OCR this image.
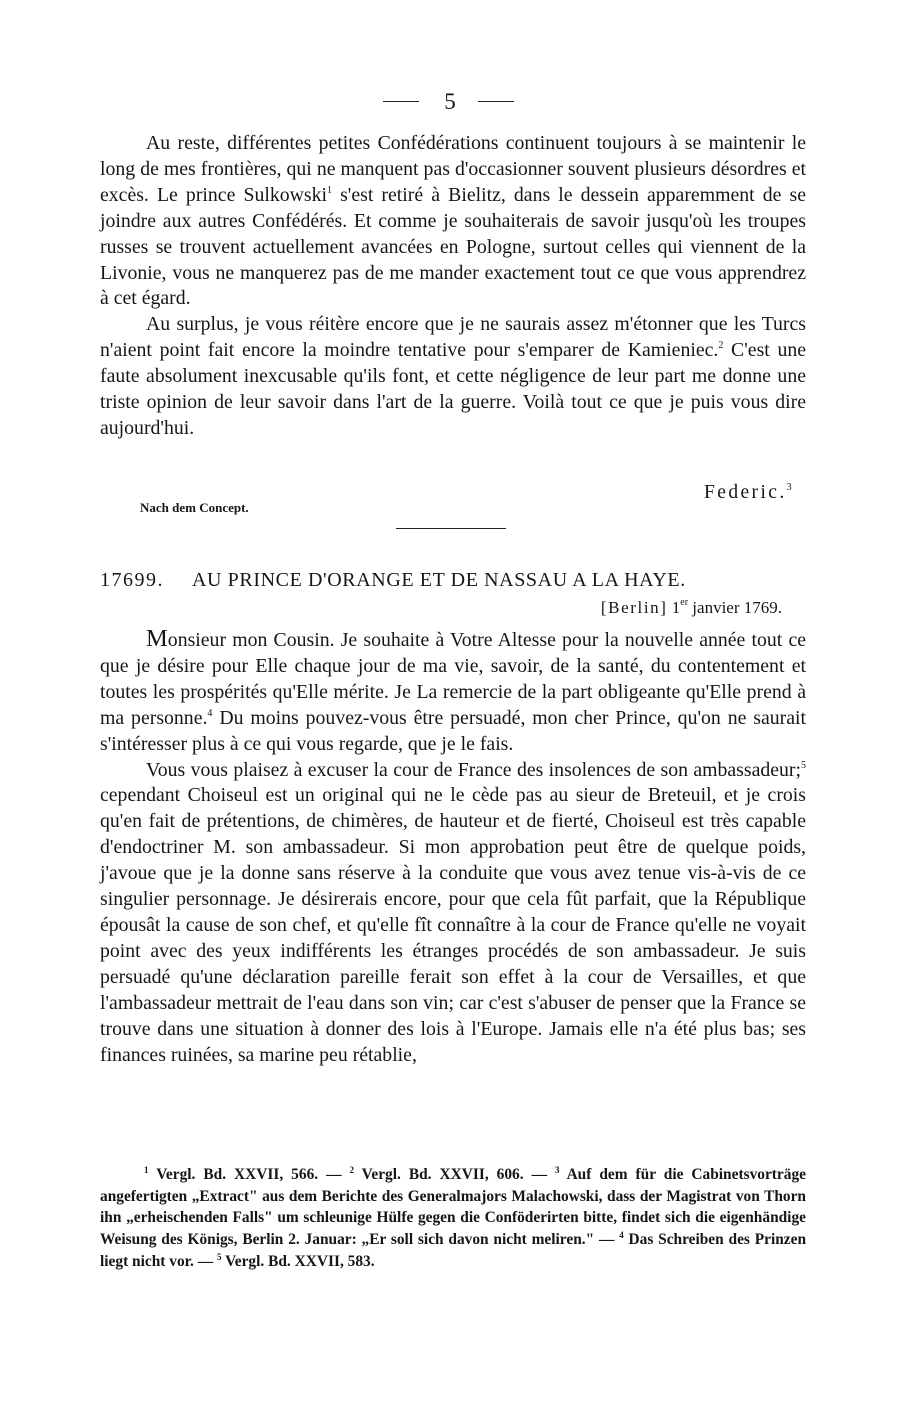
5

Au reste, différentes petites Confédérations continuent toujours à se maintenir le long de mes frontières, qui ne manquent pas d'occasionner souvent plusieurs désordres et excès. Le prince Sulkowski$^1$ s'est retiré à Bielitz, dans le dessein apparemment de se joindre aux autres Confédérés. Et comme je souhaiterais de savoir jusqu'où les troupes russes se trouvent actuellement avancées en Pologne, surtout celles qui viennent de la Livonie, vous ne manquerez pas de me mander exactement tout ce que vous apprendrez à cet égard.

Au surplus, je vous réitère encore que je ne saurais assez m'étonner que les Turcs n'aient point fait encore la moindre tentative pour s'emparer de Kamieniec.$^2$ C'est une faute absolument inexcusable qu'ils font, et cette négligence de leur part me donne une triste opinion de leur savoir dans l'art de la guerre. Voilà tout ce que je puis vous dire aujourd'hui.

Nach dem Concept.
Federic.$^3$
17699. AU PRINCE D'ORANGE ET DE NASSAU A LA HAYE.
[Berlin] 1er janvier 1769.

Monsieur mon Cousin. Je souhaite à Votre Altesse pour la nouvelle année tout ce que je désire pour Elle chaque jour de ma vie, savoir, de la santé, du contentement et toutes les prospérités qu'Elle mérite. Je La remercie de la part obligeante qu'Elle prend à ma personne.$^4$ Du moins pouvez-vous être persuadé, mon cher Prince, qu'on ne saurait s'intéresser plus à ce qui vous regarde, que je le fais.

Vous vous plaisez à excuser la cour de France des insolences de son ambassadeur;$^5$ cependant Choiseul est un original qui ne le cède pas au sieur de Breteuil, et je crois qu'en fait de prétentions, de chimères, de hauteur et de fierté, Choiseul est très capable d'endoctriner M. son ambassadeur. Si mon approbation peut être de quelque poids, j'avoue que je la donne sans réserve à la conduite que vous avez tenue vis-à-vis de ce singulier personnage. Je désirerais encore, pour que cela fût parfait, que la République épousât la cause de son chef, et qu'elle fît connaître à la cour de France qu'elle ne voyait point avec des yeux indifférents les étranges procédés de son ambassadeur. Je suis persuadé qu'une déclaration pareille ferait son effet à la cour de Versailles, et que l'ambassadeur mettrait de l'eau dans son vin; car c'est s'abuser de penser que la France se trouve dans une situation à donner des lois à l'Europe. Jamais elle n'a été plus bas; ses finances ruinées, sa marine peu rétablie,

$^1$ Vergl. Bd. XXVII, 566. — $^2$ Vergl. Bd. XXVII, 606. — $^3$ Auf dem für die Cabinetsvorträge angefertigten „Extract" aus dem Berichte des Generalmajors Malachowski, dass der Magistrat von Thorn ihn „erheischenden Falls" um schleunige Hülfe gegen die Conföderirten bitte, findet sich die eigenhändige Weisung des Königs, Berlin 2. Januar: „Er soll sich davon nicht meliren." — $^4$ Das Schreiben des Prinzen liegt nicht vor. — $^5$ Vergl. Bd. XXVII, 583.
